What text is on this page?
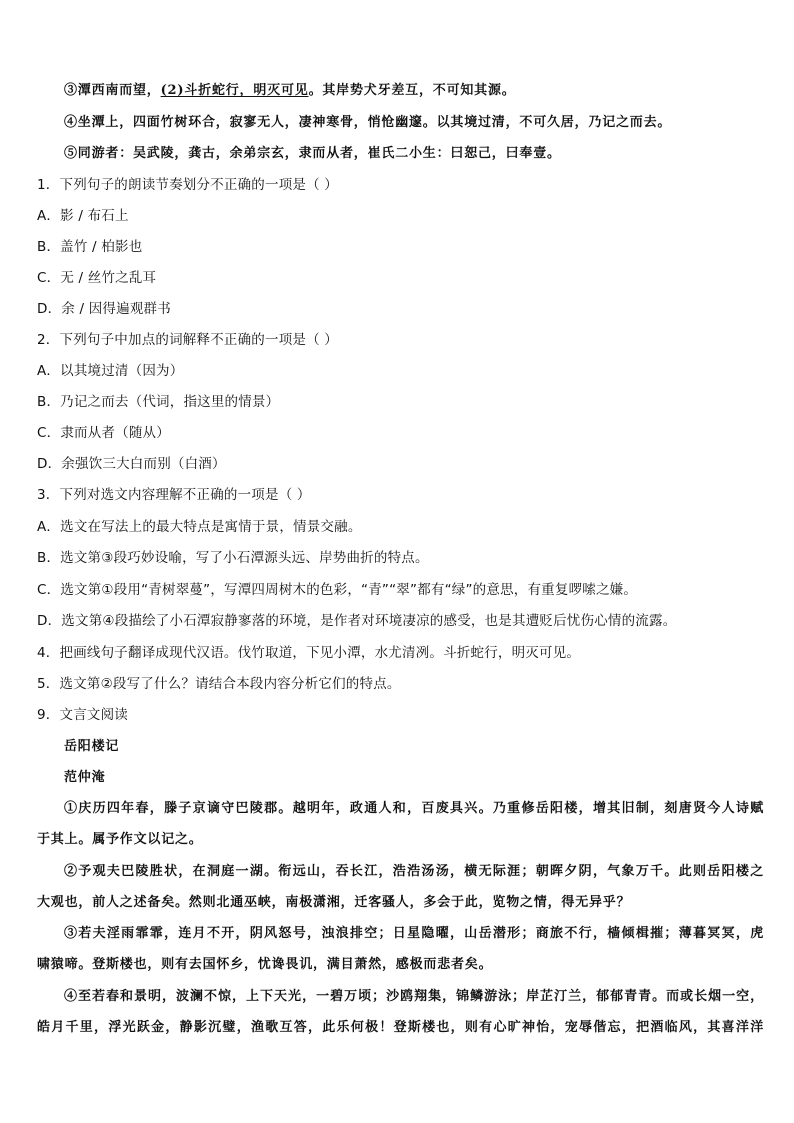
③潭西南而望，(2)斗折蛇行，明灭可见。其岸势犬牙差互，不可知其源。
④坐潭上，四面竹树环合，寂寥无人，凄神寒骨，悄怆幽邃。以其境过清，不可久居，乃记之而去。
⑤同游者：吴武陵，龚古，余弟宗玄，隶而从者，崔氏二小生：曰恕己，曰奉壹。
1．下列句子的朗读节奏划分不正确的一项是（ ）
A．影 / 布石上
B．盖竹 / 柏影也
C．无 / 丝竹之乱耳
D．余 / 因得遍观群书
2．下列句子中加点的词解释不正确的一项是（ ）
A．以其境过清（因为）
B．乃记之而去（代词，指这里的情景）
C．隶而从者（随从）
D．余强饮三大白而别（白酒）
3．下列对选文内容理解不正确的一项是（ ）
A．选文在写法上的最大特点是寓情于景，情景交融。
B．选文第③段巧妙设喻，写了小石潭源头远、岸势曲折的特点。
C．选文第①段用“青树翠蔓”，写潭四周树木的色彩，“青”“翠”都有“绿”的意思，有重复啰嗦之嫌。
D．选文第④段描绘了小石潭寂静寥落的环境，是作者对环境凄凉的感受，也是其遭贬后忧伤心情的流露。
4．把画线句子翻译成现代汉语。伐竹取道，下见小潭，水尤清冽。斗折蛇行，明灭可见。
5．选文第②段写了什么？请结合本段内容分析它们的特点。
9．文言文阅读
岳阳楼记
范仲淹
①庆历四年春，滕子京谪守巴陵郡。越明年，政通人和，百废具兴。乃重修岳阳楼，增其旧制，刻唐贤今人诗赋
于其上。属予作文以记之。
②予观夫巴陵胜状，在洞庭一湖。衔远山，吞长江，浩浩汤汤，横无际涯；朝晖夕阴，气象万千。此则岳阳楼之
大观也，前人之述备矣。然则北通巫峡，南极潇湘，迁客骚人，多会于此，览物之情，得无异乎？
③若夫淫雨霏霏，连月不开，阴风怒号，浊浪排空；日星隐曜，山岳潜形；商旅不行，樯倾楫摧；薄暮冥冥，虎
啸猿啼。登斯楼也，则有去国怀乡，忧谗畏讥，满目萧然，感极而悲者矣。
④至若春和景明，波澜不惊，上下天光，一碧万顷；沙鸥翔集，锦鳞游泳；岸芷汀兰，郁郁青青。而或长烟一空，
皓月千里，浮光跃金，静影沉璧，渔歌互答，此乐何极！登斯楼也，则有心旷神怡，宠辱偕忘，把酒临风，其喜洋洋
